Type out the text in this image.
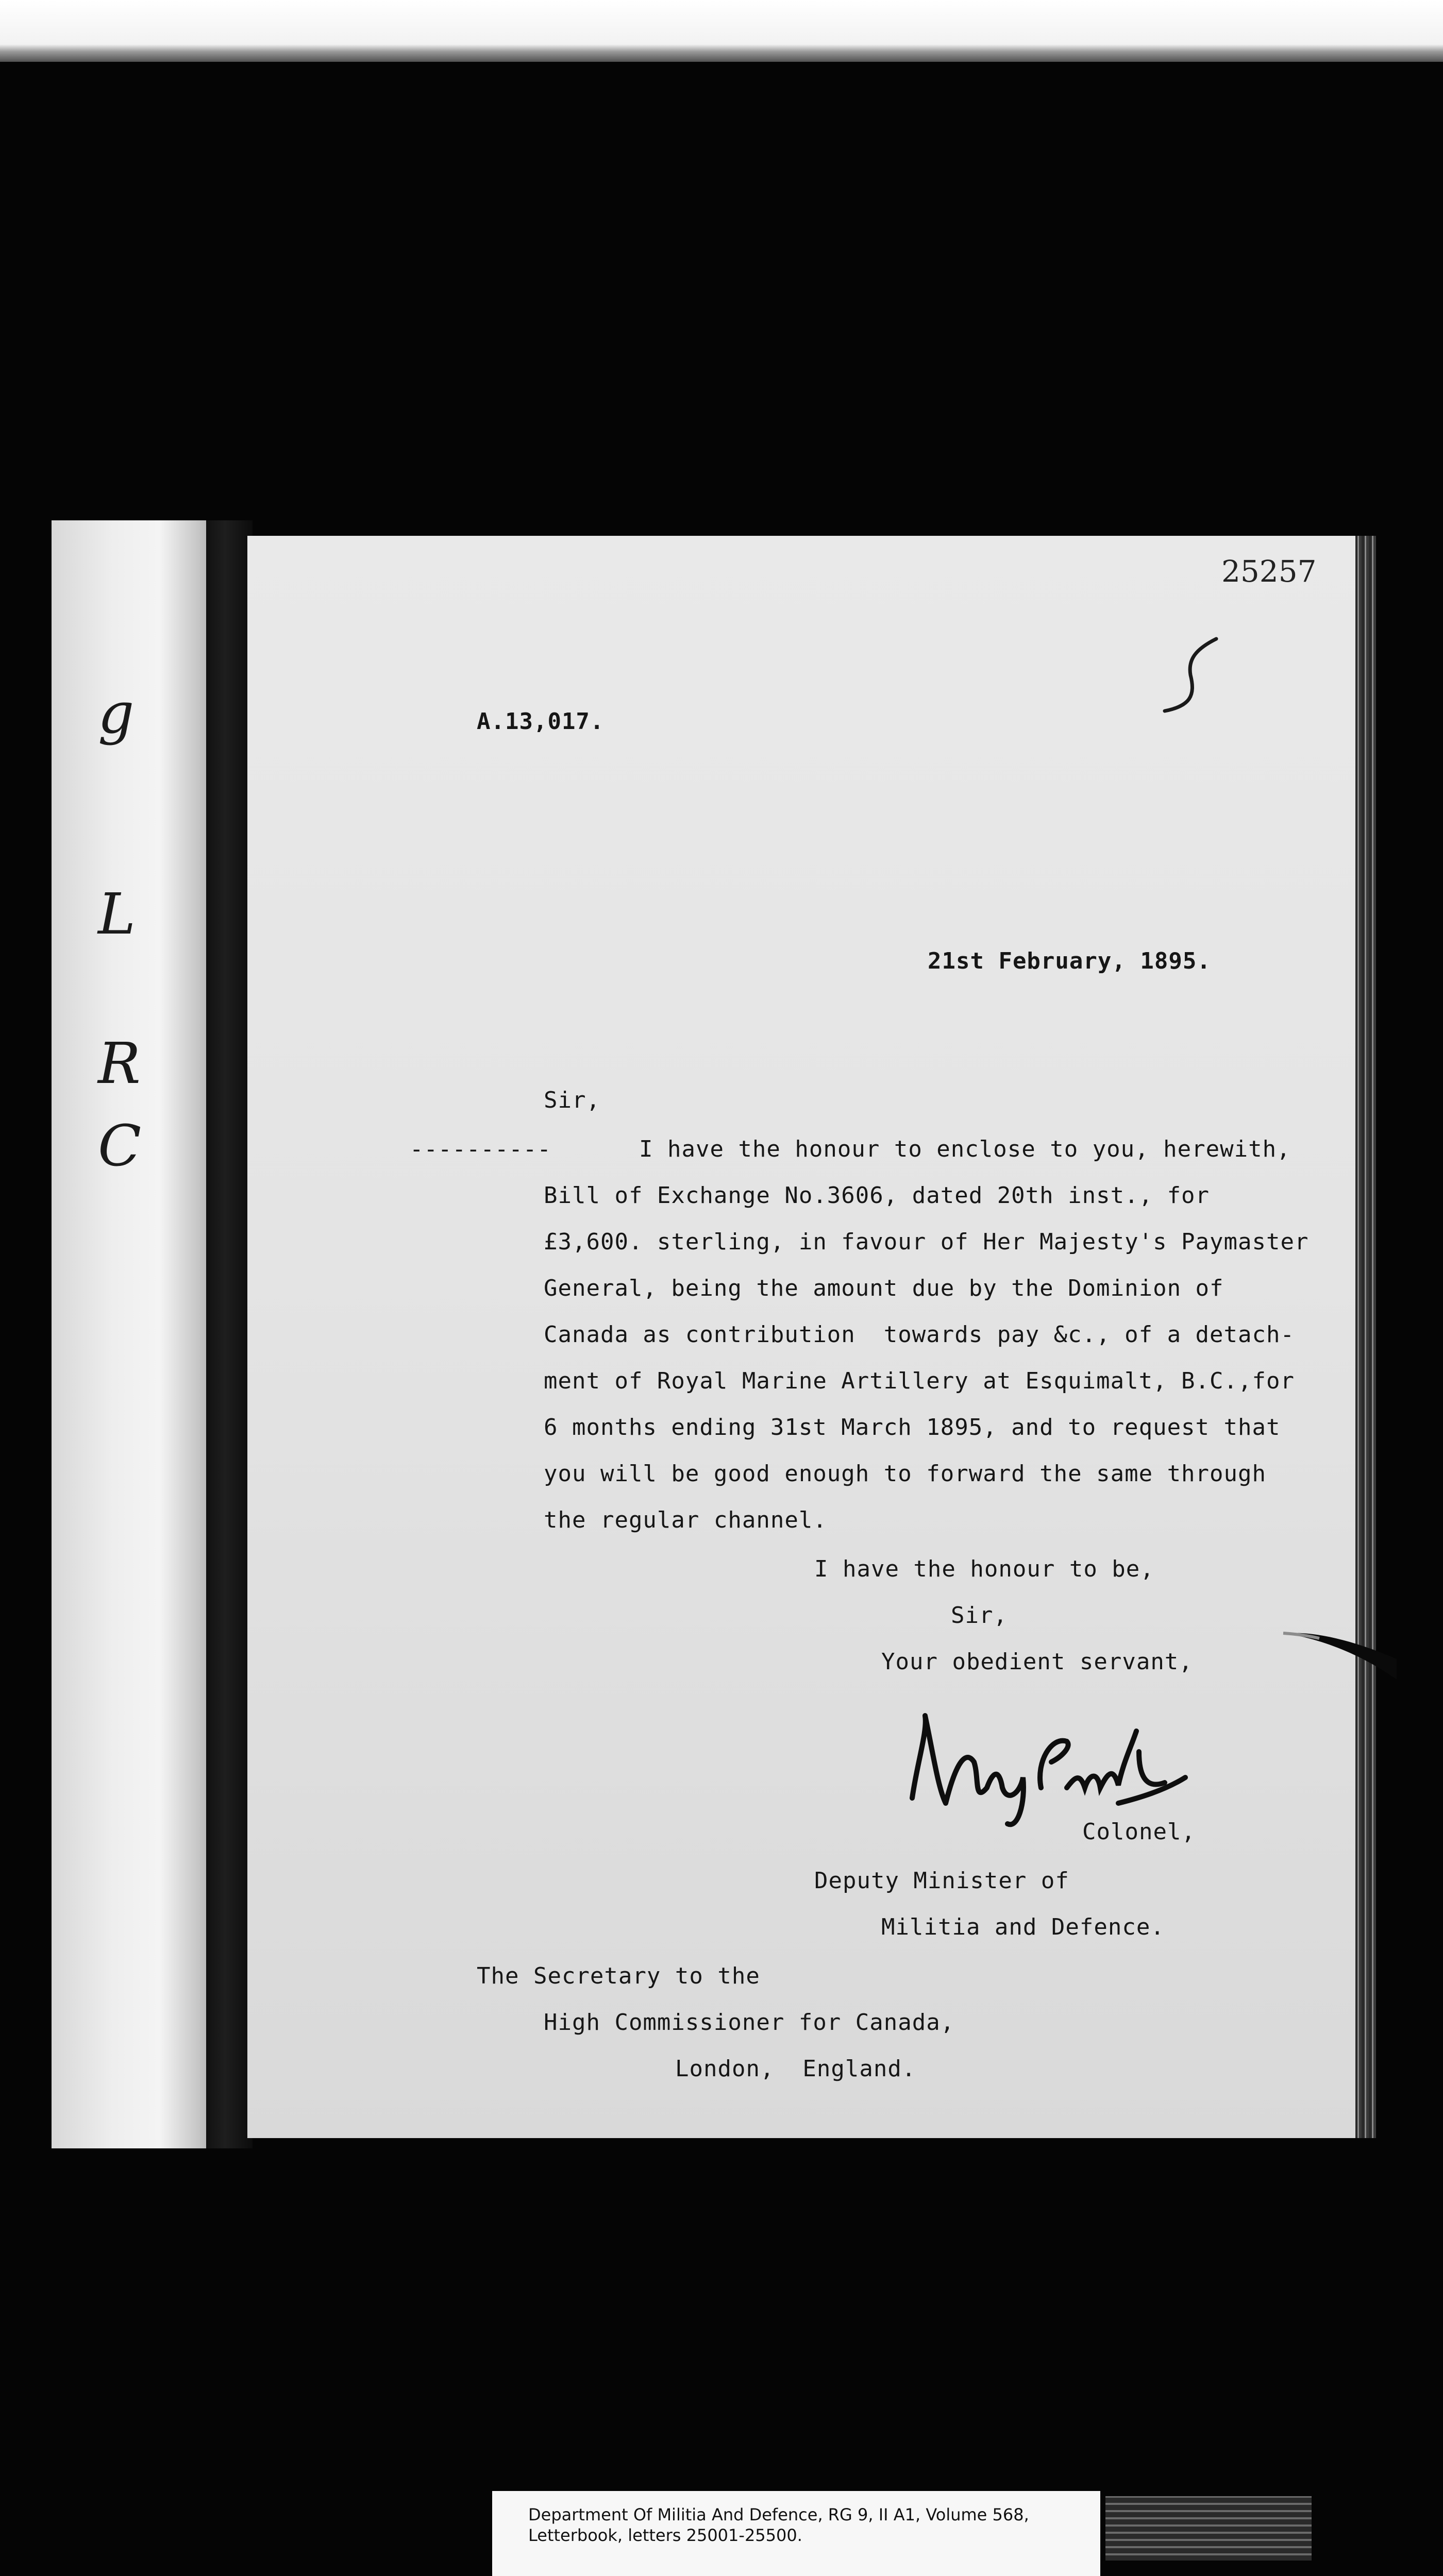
g
L
R
C
25257
A.13,017.
21st February, 1895.
Sir,
----------	I have the honour to enclose to you, herewith,
Bill of Exchange No.3606, dated 20th inst., for
£3,600. sterling, in favour of Her Majesty's Paymaster
General, being the amount due by the Dominion of
Canada as contribution  towards pay &c., of a detach-
ment of Royal Marine Artillery at Esquimalt, B.C.,for
6 months ending 31st March 1895, and to request that
you will be good enough to forward the same through
the regular channel.
I have the honour to be,
Sir,
Your obedient servant,
Colonel,
Deputy Minister of
Militia and Defence.
The Secretary to the
High Commissioner for Canada,
London,  England.
Department Of Militia And Defence, RG 9, II A1, Volume 568,
Letterbook, letters 25001-25500.
